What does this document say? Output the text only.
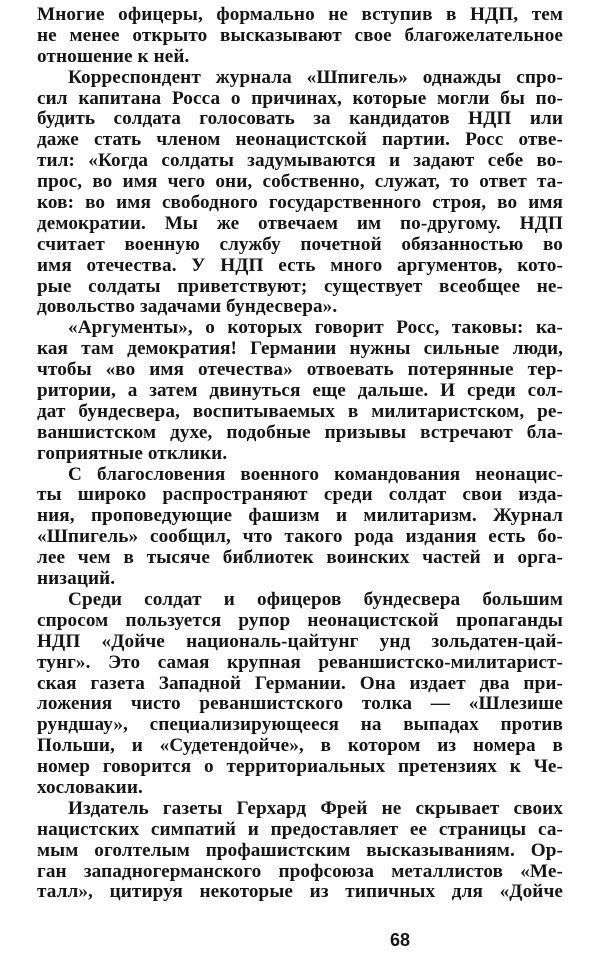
Многие офицеры, формально не вступив в НДП, тем
не менее открыто высказывают свое благожелательное
отношение к ней.
Корреспондент журнала «Шпигель» однажды спро-
сил капитана Росса о причинах, которые могли бы по-
будить солдата голосовать за кандидатов НДП или
даже стать членом неонацистской партии. Росс отве-
тил: «Когда солдаты задумываются и задают себе во-
прос, во имя чего они, собственно, служат, то ответ та-
ков: во имя свободного государственного строя, во имя
демократии. Мы же отвечаем им по-другому. НДП
считает военную службу почетной обязанностью во
имя отечества. У НДП есть много аргументов, кото-
рые солдаты приветствуют; существует всеобщее не-
довольство задачами бундесвера».
«Аргументы», о которых говорит Росс, таковы: ка-
кая там демократия! Германии нужны сильные люди,
чтобы «во имя отечества» отвоевать потерянные тер-
ритории, а затем двинуться еще дальше. И среди сол-
дат бундесвера, воспитываемых в милитаристском, ре-
ваншистском духе, подобные призывы встречают бла-
гоприятные отклики.
С благословения военного командования неонацис-
ты широко распространяют среди солдат свои изда-
ния, проповедующие фашизм и милитаризм. Журнал
«Шпигель» сообщил, что такого рода издания есть бо-
лее чем в тысяче библиотек воинских частей и орга-
низаций.
Среди солдат и офицеров бундесвера большим
спросом пользуется рупор неонацистской пропаганды
НДП «Дойче националь-цайтунг унд зольдатен-цай-
тунг». Это самая крупная реваншистско-милитарист-
ская газета Западной Германии. Она издает два при-
ложения чисто реваншистского толка — «Шлезише
рундшау», специализирующееся на выпадах против
Польши, и «Судетендойче», в котором из номера в
номер говорится о территориальных претензиях к Че-
хословакии.
Издатель газеты Герхард Фрей не скрывает своих
нацистских симпатий и предоставляет ее страницы са-
мым оголтелым профашистским высказываниям. Ор-
ган западногерманского профсоюза металлистов «Ме-
талл», цитируя некоторые из типичных для «Дойче
68
